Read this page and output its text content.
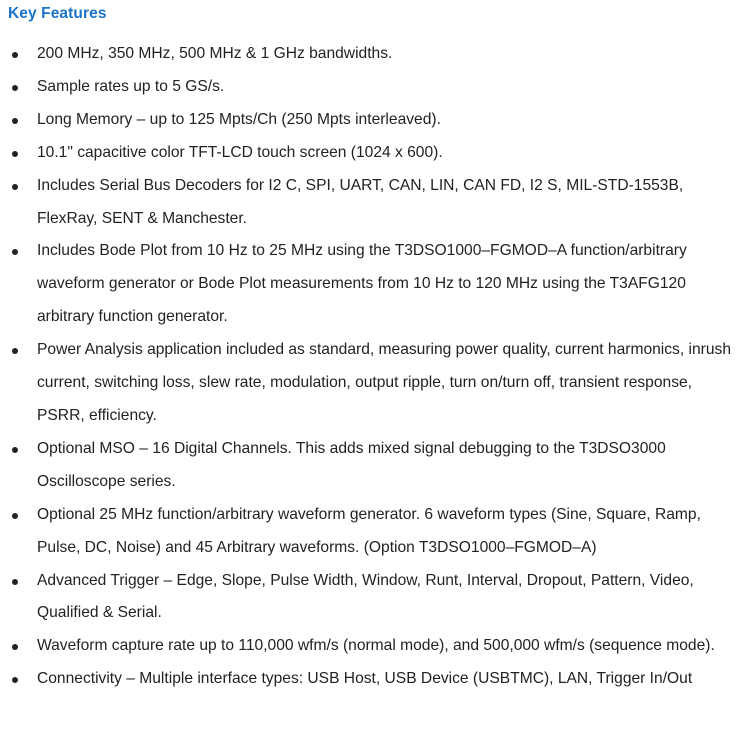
Key Features
200 MHz, 350 MHz, 500 MHz & 1 GHz bandwidths.
Sample rates up to 5 GS/s.
Long Memory – up to 125 Mpts/Ch (250 Mpts interleaved).
10.1" capacitive color TFT-LCD touch screen (1024 x 600).
Includes Serial Bus Decoders for I2 C, SPI, UART, CAN, LIN, CAN FD, I2 S, MIL-STD-1553B, FlexRay, SENT & Manchester.
Includes Bode Plot from 10 Hz to 25 MHz using the T3DSO1000–FGMOD–A function/arbitrary waveform generator or Bode Plot measurements from 10 Hz to 120 MHz using the T3AFG120 arbitrary function generator.
Power Analysis application included as standard, measuring power quality, current harmonics, inrush current, switching loss, slew rate, modulation, output ripple, turn on/turn off, transient response, PSRR, efficiency.
Optional MSO – 16 Digital Channels. This adds mixed signal debugging to the T3DSO3000 Oscilloscope series.
Optional 25 MHz function/arbitrary waveform generator. 6 waveform types (Sine, Square, Ramp, Pulse, DC, Noise) and 45 Arbitrary waveforms. (Option T3DSO1000–FGMOD–A)
Advanced Trigger – Edge, Slope, Pulse Width, Window, Runt, Interval, Dropout, Pattern, Video, Qualified & Serial.
Waveform capture rate up to 110,000 wfm/s (normal mode), and 500,000 wfm/s (sequence mode).
Connectivity – Multiple interface types: USB Host, USB Device (USBTMC), LAN, Trigger In/Out
